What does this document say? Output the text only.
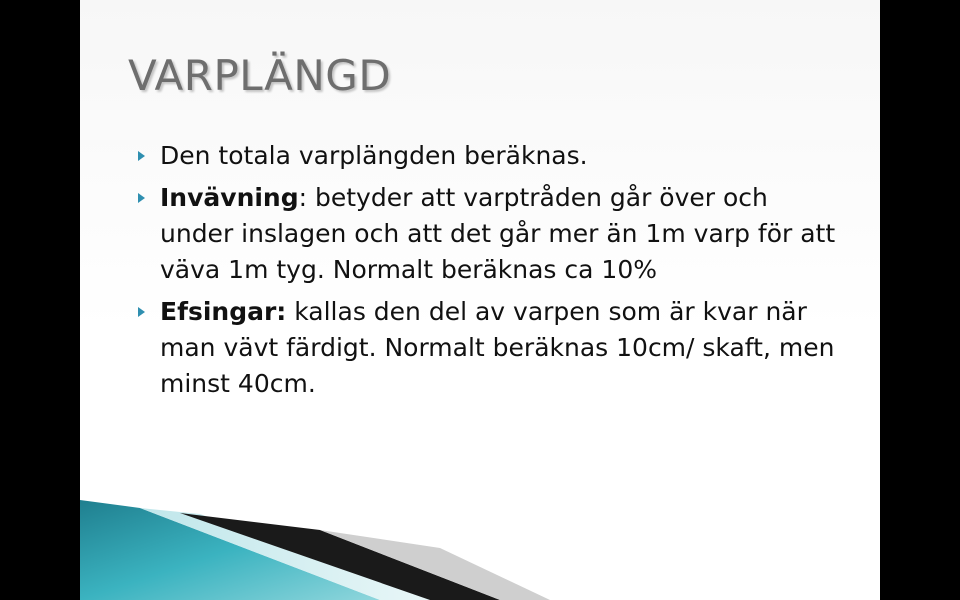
VARPLÄNGD
Den totala varplängden beräknas.
Invävning: betyder att varptråden går över och under inslagen och att det går mer än 1m varp för att väva 1m tyg. Normalt beräknas ca 10%
Efsingar: kallas den del av varpen som är kvar när man vävt färdigt. Normalt beräknas 10cm/ skaft, men minst 40cm.
